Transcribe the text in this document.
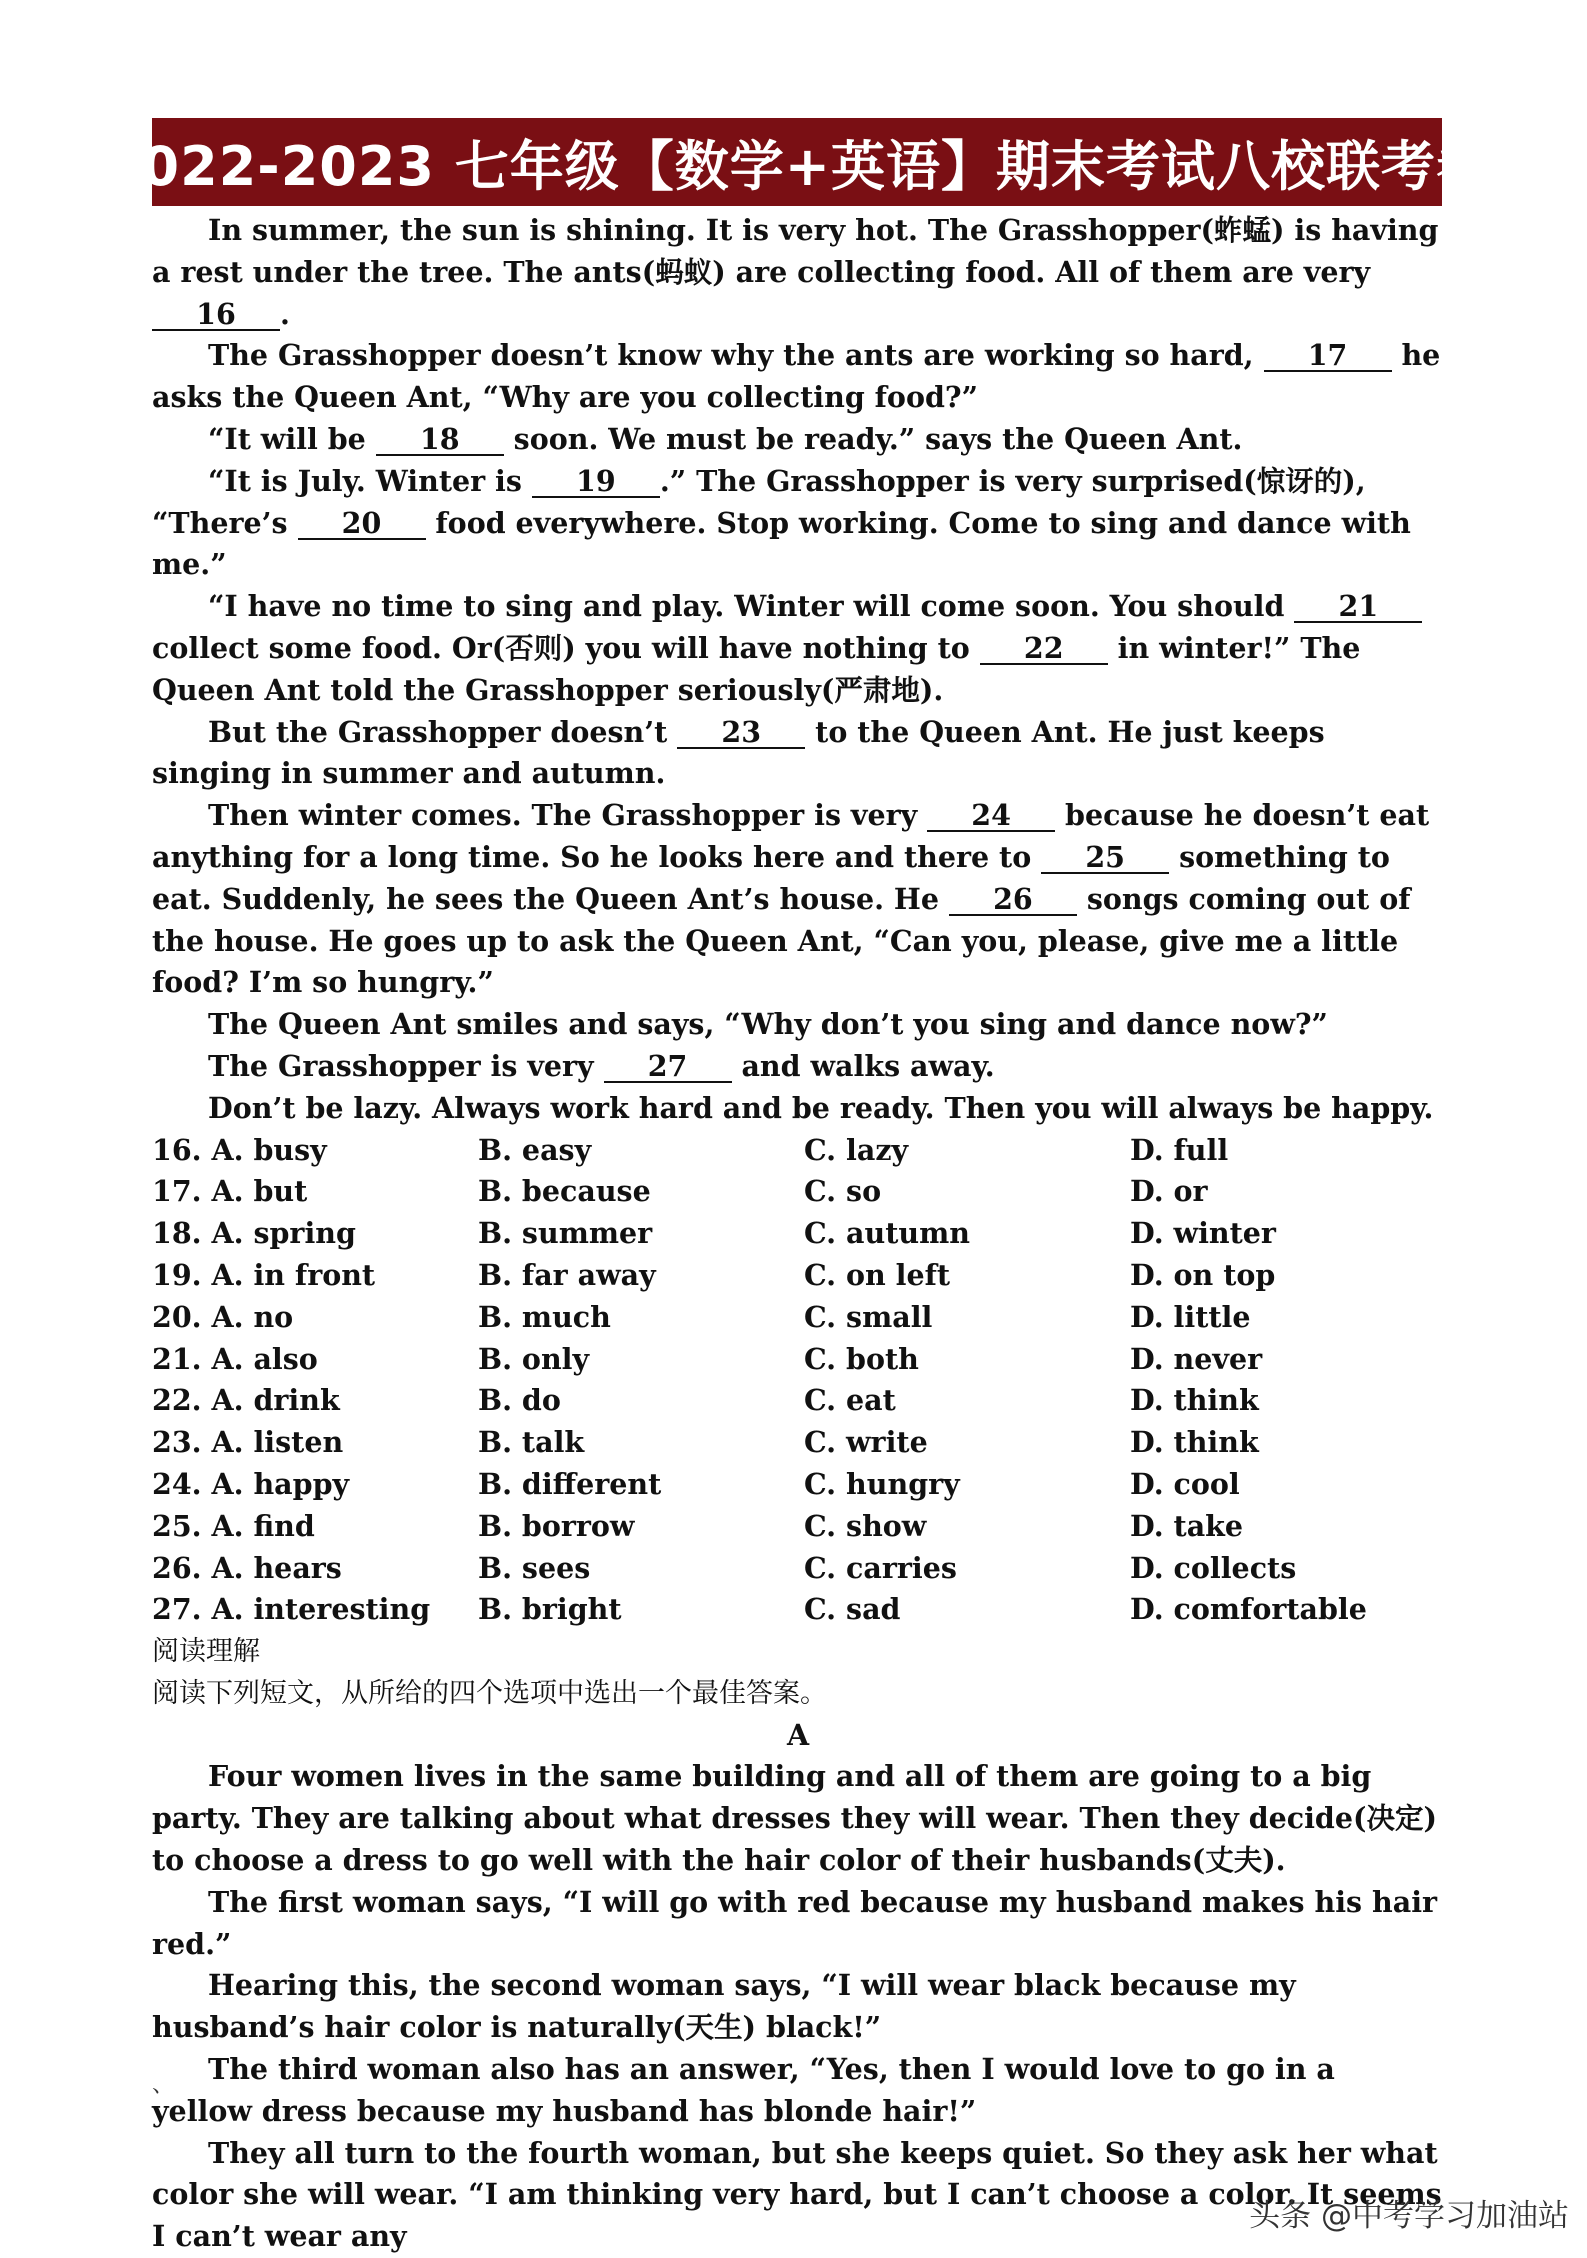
2022-2023 七年级【数学+英语】期末考试八校联考卷

In summer, the sun is shining. It is very hot. The Grasshopper(蚱蜢) is having a rest under the tree. The ants(蚂蚁) are collecting food. All of them are very 16 .

The Grasshopper doesn’t know why the ants are working so hard, 17 he asks the Queen Ant, “Why are you collecting food?”

“It will be 18 soon. We must be ready.” says the Queen Ant.

“It is July. Winter is 19 .” The Grasshopper is very surprised(惊讶的), “There’s 20 food everywhere. Stop working. Come to sing and dance with me.”

“I have no time to sing and play. Winter will come soon. You should 21 collect some food. Or(否则) you will have nothing to 22 in winter!” The Queen Ant told the Grasshopper seriously(严肃地).

But the Grasshopper doesn’t 23 to the Queen Ant. He just keeps singing in summer and autumn.

Then winter comes. The Grasshopper is very 24 because he doesn’t eat anything for a long time. So he looks here and there to 25 something to eat. Suddenly, he sees the Queen Ant’s house. He 26 songs coming out of the house. He goes up to ask the Queen Ant, “Can you, please, give me a little food? I’m so hungry.”

The Queen Ant smiles and says, “Why don’t you sing and dance now?”

The Grasshopper is very 27 and walks away.

Don’t be lazy. Always work hard and be ready. Then you will always be happy.

16. A. busy	B. easy	C. lazy	D. full
17. A. but	B. because	C. so	D. or
18. A. spring	B. summer	C. autumn	D. winter
19. A. in front	B. far away	C. on left	D. on top
20. A. no	B. much	C. small	D. little
21. A. also	B. only	C. both	D. never
22. A. drink	B. do	C. eat	D. think
23. A. listen	B. talk	C. write	D. think
24. A. happy	B. different	C. hungry	D. cool
25. A. find	B. borrow	C. show	D. take
26. A. hears	B. sees	C. carries	D. collects
27. A. interesting	B. bright	C. sad	D. comfortable

阅读理解

阅读下列短文，从所给的四个选项中选出一个最佳答案。

A

Four women lives in the same building and all of them are going to a big party. They are talking about what dresses they will wear. Then they decide(决定) to choose a dress to go well with the hair color of their husbands(丈夫).

The first woman says, “I will go with red because my husband makes his hair red.”

Hearing this, the second woman says, “I will wear black because my husband’s hair color is naturally(天生) black!”

The third woman also has an answer, “Yes, then I would love to go in a yellow dress because my husband has blonde hair!”

They all turn to the fourth woman, but she keeps quiet. So they ask her what color she will wear. “I am thinking very hard, but I can’t choose a color. It seems I can’t wear any

、
头条 @中考学习加油站
